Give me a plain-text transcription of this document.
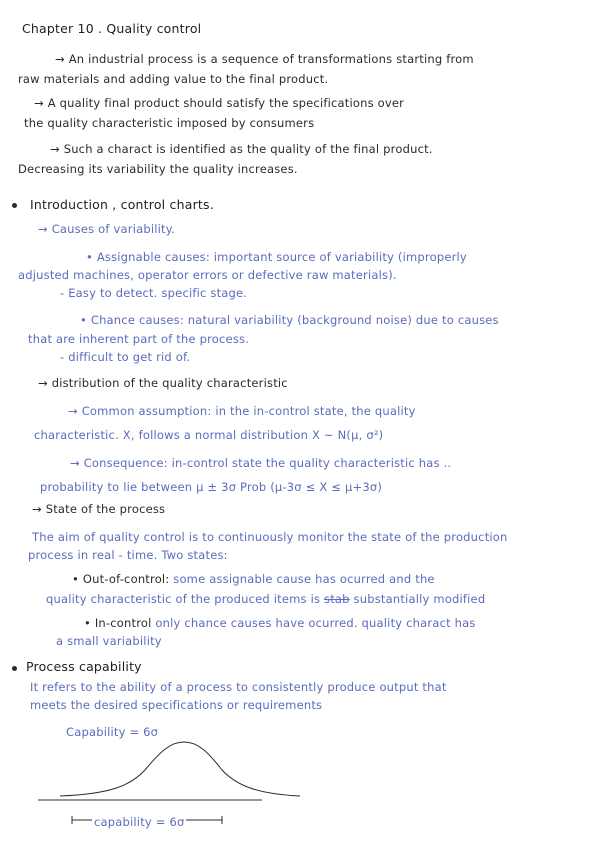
Chapter 10 . Quality control
→ An industrial process is a sequence of transformations starting from
raw materials and adding value to the final product.
→ A quality final product should satisfy the specifications over
the quality characteristic imposed by consumers
→ Such a charact is identified as the quality of the final product.
Decreasing its variability the quality increases.
Introduction , control charts.
→ Causes of variability.
• Assignable causes: important source of variability (improperly
adjusted machines, operator errors or defective raw materials).
- Easy to detect. specific stage.
• Chance causes: natural variability (background noise) due to causes
that are inherent part of the process.
- difficult to get rid of.
→ distribution of the quality characteristic
→ Common assumption: in the in-control state, the quality
characteristic. X, follows a normal distribution X ~ N(μ, σ²)
→ Consequence: in-control state the quality characteristic has ..
probability to lie between μ ± 3σ Prob (μ-3σ ≤ X ≤ μ+3σ)
→ State of the process
The aim of quality control is to continuously monitor the state of the production
process in real - time. Two states:
• Out-of-control: some assignable cause has ocurred and the
quality characteristic of the produced items is stab substantially modified
• In-control only chance causes have ocurred. quality charact has
a small variability
Process capability
It refers to the ability of a process to consistently produce output that
meets the desired specifications or requirements
Capability = 6σ
capability = 6σ
